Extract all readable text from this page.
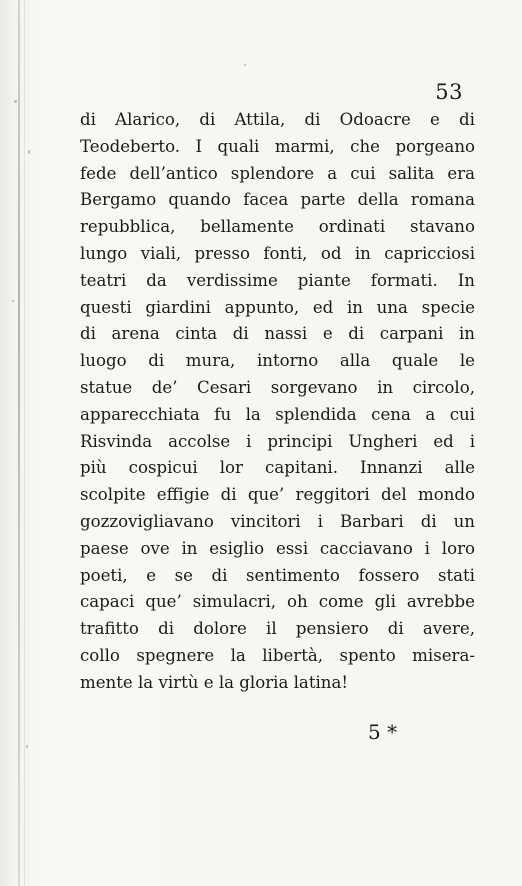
53
di Alarico, di Attila, di Odoacre e di
Teodeberto. I quali marmi, che porgeano
fede dell’antico splendore a cui salita era
Bergamo quando facea parte della romana
repubblica, bellamente ordinati stavano
lungo viali, presso fonti, od in capricciosi
teatri da verdissime piante formati. In
questi giardini appunto, ed in una specie
di arena cinta di nassi e di carpani in
luogo di mura, intorno alla quale le
statue de’ Cesari sorgevano in circolo,
apparecchiata fu la splendida cena a cui
Risvinda accolse i principi Ungheri ed i
più cospicui lor capitani. Innanzi alle
scolpite effigie di que’ reggitori del mondo
gozzovigliavano vincitori i Barbari di un
paese ove in esiglio essi cacciavano i loro
poeti, e se di sentimento fossero stati
capaci que’ simulacri, oh come gli avrebbe
trafitto di dolore il pensiero di avere,
collo spegnere la libertà, spento misera-
mente la virtù e la gloria latina!
5 *
